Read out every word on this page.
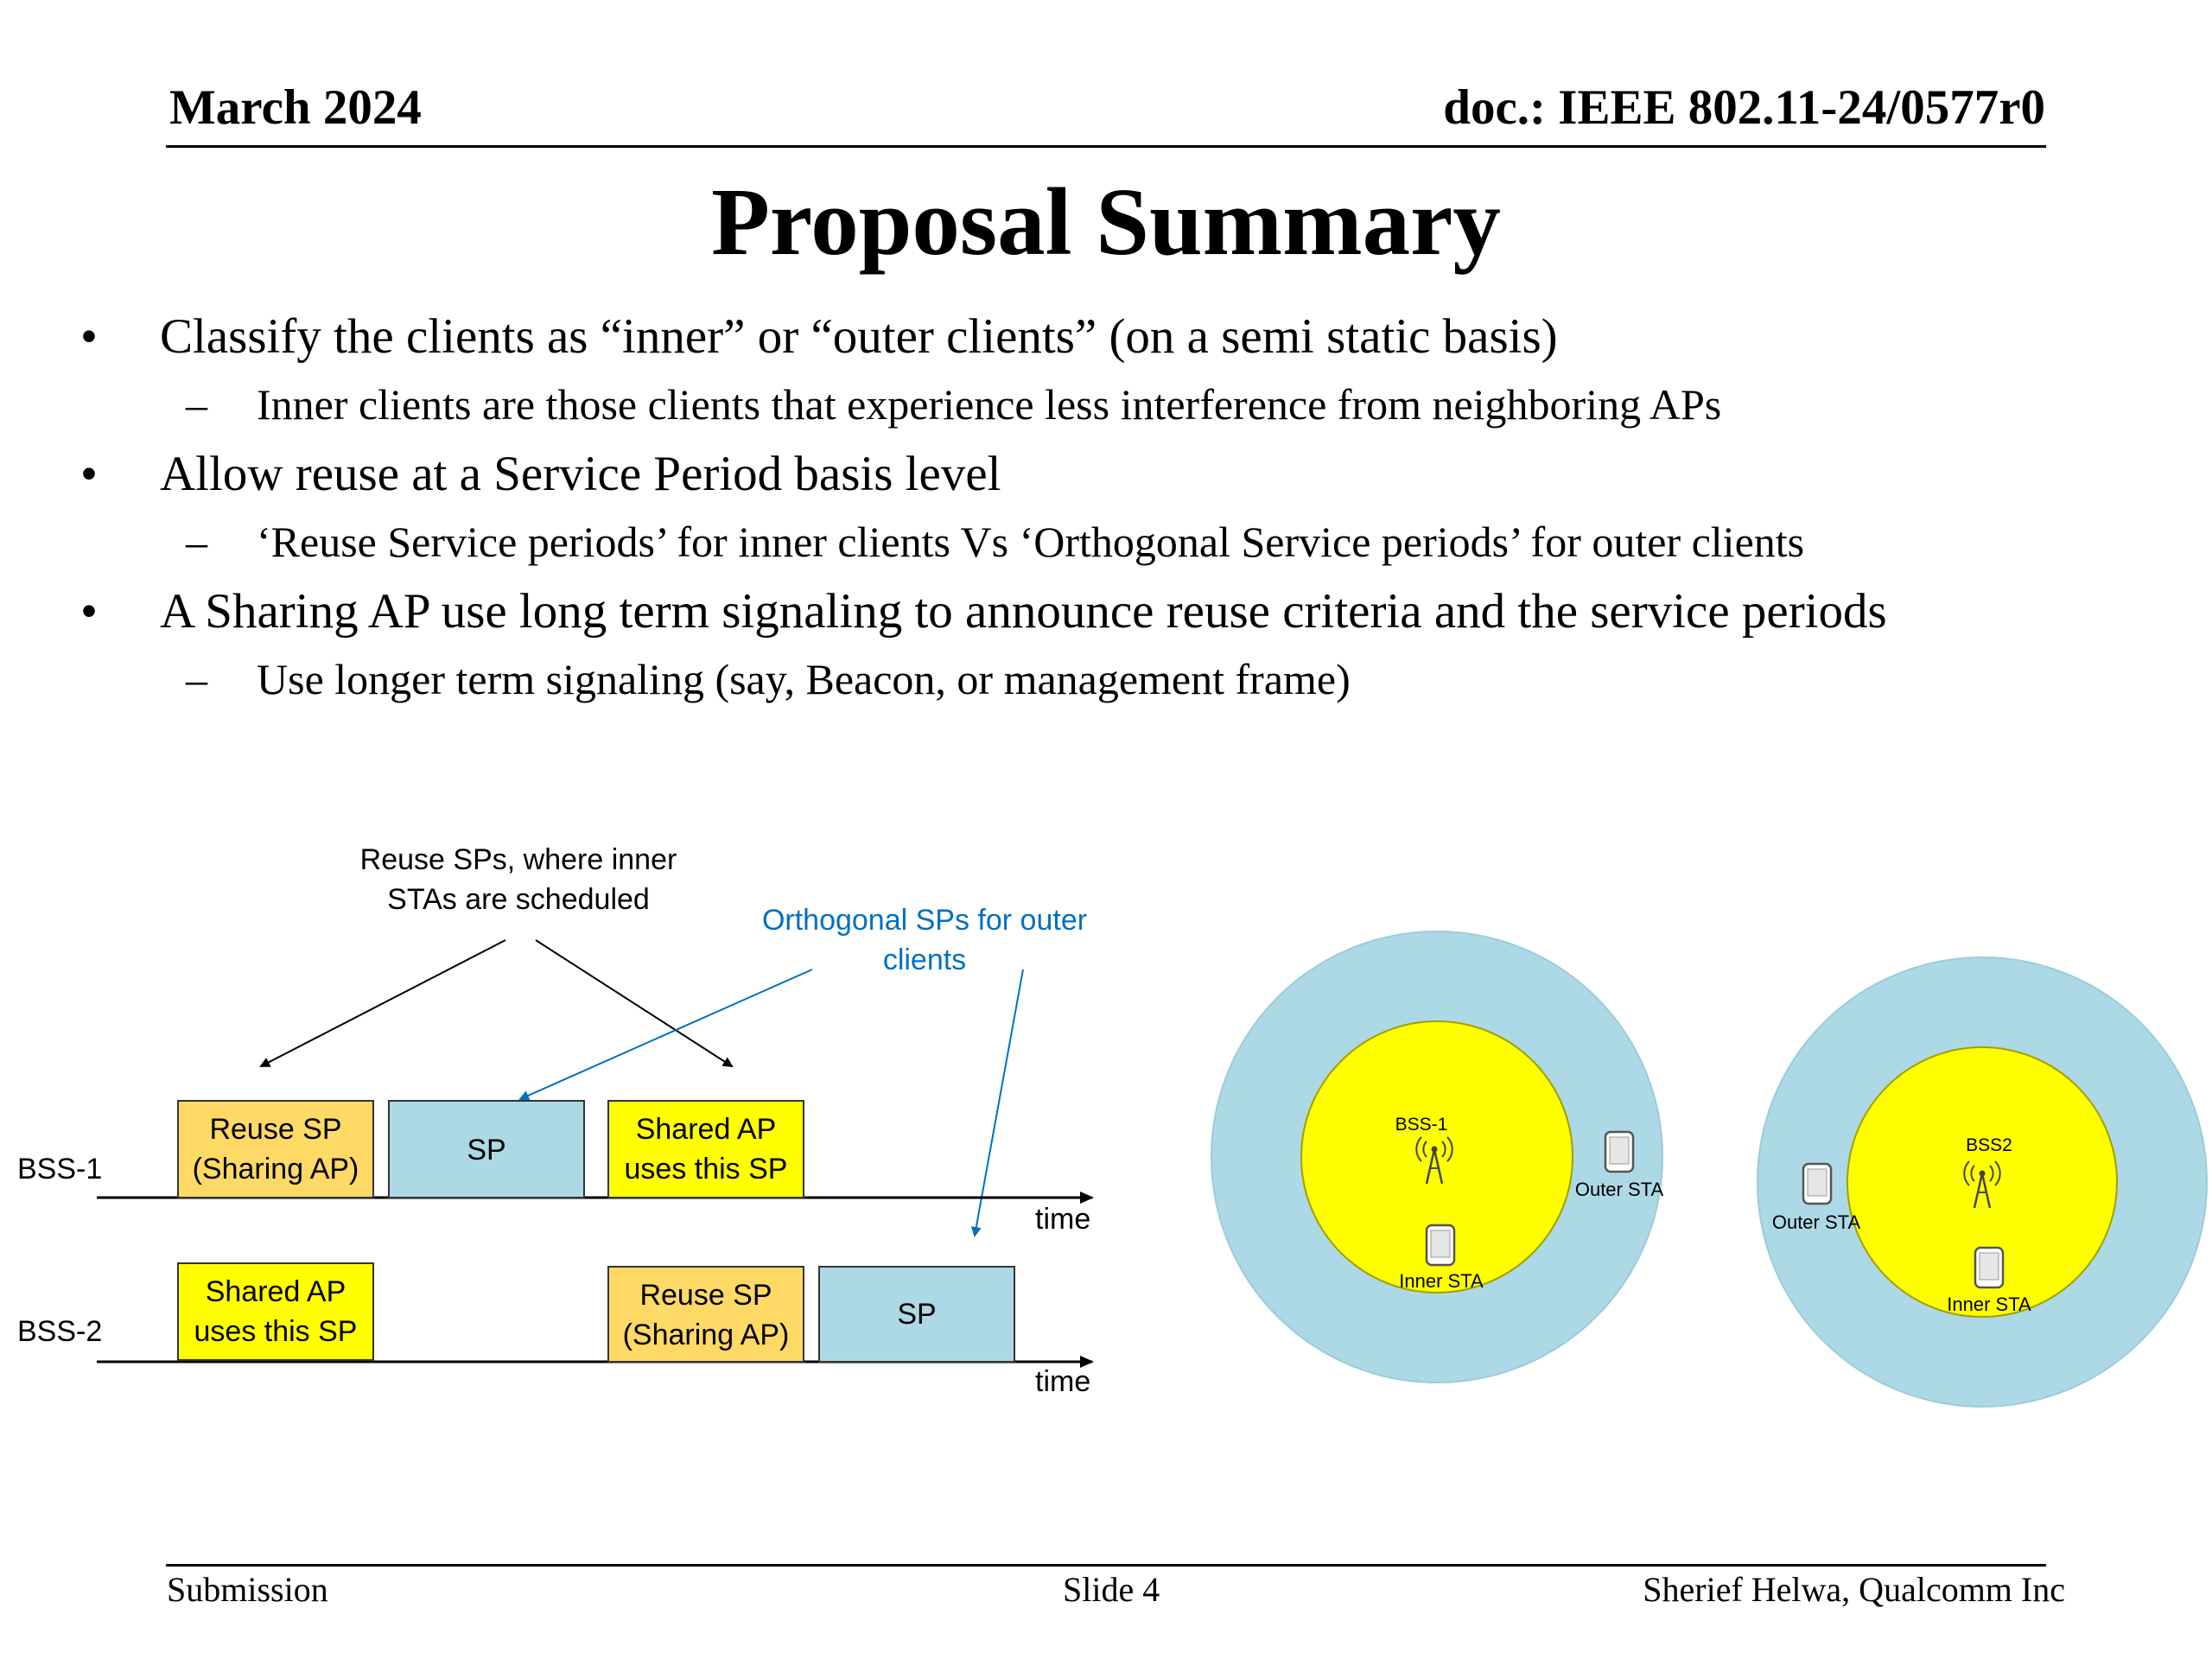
March 2024	doc.: IEEE 802.11-24/0577r0
Proposal Summary
• Classify the clients as “inner” or “outer clients” (on a semi static basis)
– Inner clients are those clients that experience less interference from neighboring APs
• Allow reuse at a Service Period basis level
– ‘Reuse Service periods’ for inner clients Vs ‘Orthogonal Service periods’ for outer clients
• A Sharing AP use long term signaling to announce reuse criteria and the service periods
– Use longer term signaling (say, Beacon, or management frame)
Reuse SPs, where inner
STAs are scheduled
Orthogonal SPs for outer
clients
BSS-1
time
Reuse SP
(Sharing AP)
SP
Shared AP
uses this SP
BSS-2
time
Shared AP
uses this SP
Reuse SP
(Sharing AP)
SP
BSS-1
Inner STA
Outer STA
BSS2
Inner STA
Outer STA
Submission	Slide 4	Sherief Helwa, Qualcomm Inc
